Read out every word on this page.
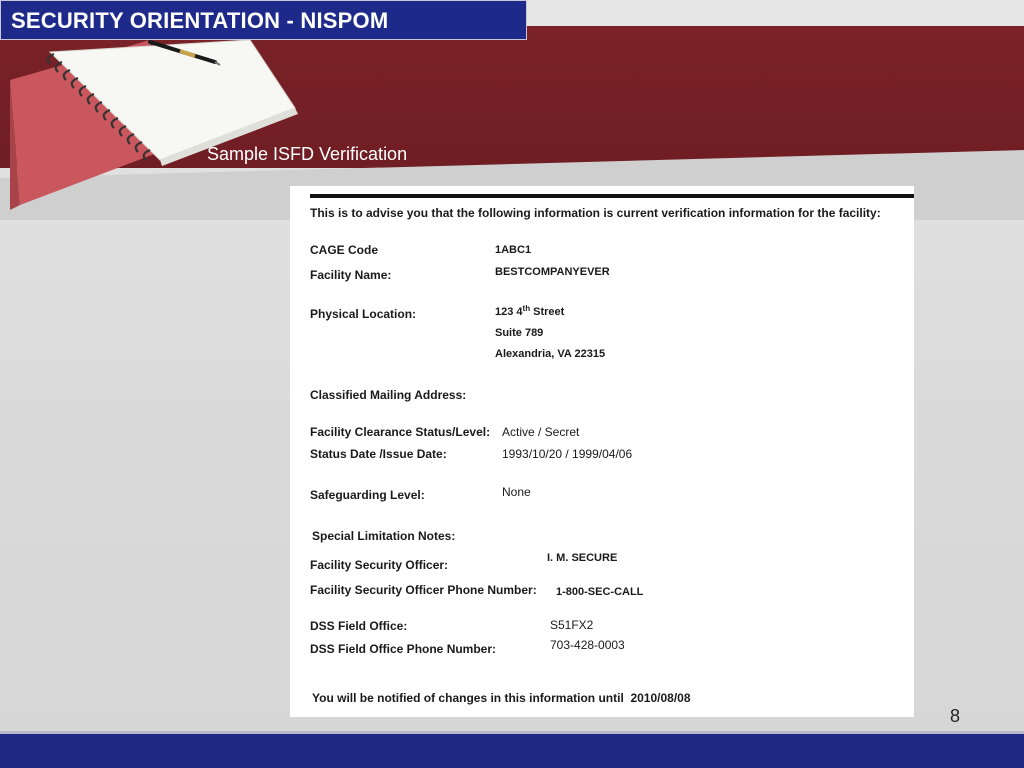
SECURITY ORIENTATION - NISPOM
Sample ISFD Verification
This is to advise you that the following information is current verification information for the facility:
CAGE Code	1ABC1
Facility Name:	BESTCOMPANYEVER
Physical Location:	123 4th Street
Suite 789
Alexandria, VA 22315
Classified Mailing Address:
Facility Clearance Status/Level: Active / Secret
Status Date /Issue Date:	1993/10/20 / 1999/04/06
Safeguarding Level:	None
Special Limitation Notes:
Facility Security Officer:	I. M. SECURE
Facility Security Officer Phone Number: 1-800-SEC-CALL
DSS Field Office:	S51FX2
DSS Field Office Phone Number:	703-428-0003
You will be notified of changes in this information until 2010/08/08
8
